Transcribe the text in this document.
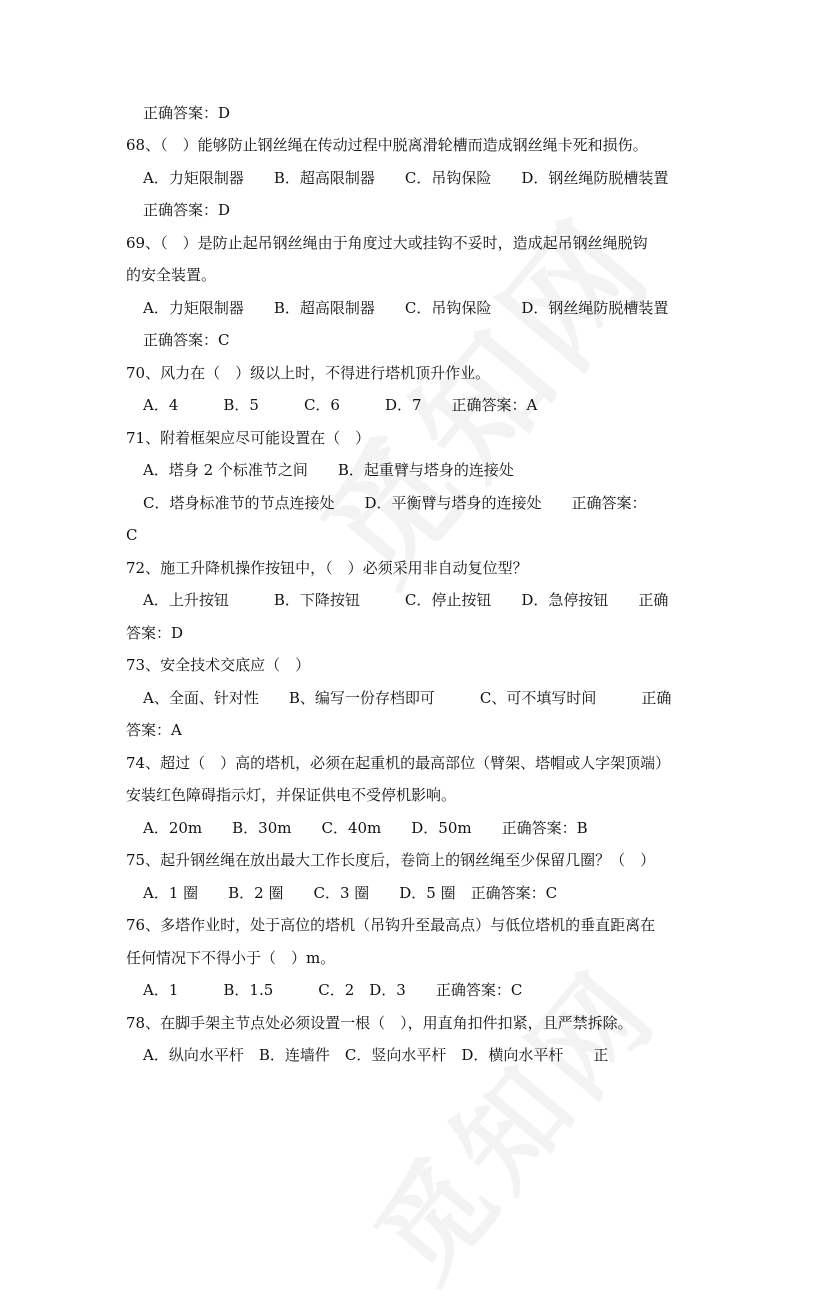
正确答案：D
68、（　）能够防止钢丝绳在传动过程中脱离滑轮槽而造成钢丝绳卡死和损伤。
A．力矩限制器　　B．超高限制器　　C．吊钩保险　　D．钢丝绳防脱槽装置
正确答案：D
69、（　）是防止起吊钢丝绳由于角度过大或挂钩不妥时，造成起吊钢丝绳脱钩
的安全装置。
A．力矩限制器　　B．超高限制器　　C．吊钩保险　　D．钢丝绳防脱槽装置
正确答案：C
70、风力在（　）级以上时，不得进行塔机顶升作业。
A．4　　　B．5　　　C．6　　　D．7　　正确答案：A
71、附着框架应尽可能设置在（　）
A．塔身 2 个标准节之间　　B．起重臂与塔身的连接处
C．塔身标准节的节点连接处　　D．平衡臂与塔身的连接处　　正确答案：
C
72、施工升降机操作按钮中，（　）必须采用非自动复位型？
A．上升按钮　　　B．下降按钮　　　C．停止按钮　　D．急停按钮　　正确
答案：D
73、安全技术交底应（　）
A、全面、针对性　　B、编写一份存档即可　　　C、可不填写时间　　　正确
答案：A
74、超过（　）高的塔机，必须在起重机的最高部位（臂架、塔帽或人字架顶端）
安装红色障碍指示灯，并保证供电不受停机影响。
A．20m　　B．30m　　C．40m　　D．50m　　正确答案：B
75、起升钢丝绳在放出最大工作长度后，卷筒上的钢丝绳至少保留几圈？（　）
A．1 圈　　B．2 圈　　C．3 圈　　D．5 圈　正确答案：C
76、多塔作业时，处于高位的塔机（吊钩升至最高点）与低位塔机的垂直距离在
任何情况下不得小于（　）m。
A．1　　　B．1.5　　　C．2　D．3　　正确答案：C
78、在脚手架主节点处必须设置一根（　），用直角扣件扣紧，且严禁拆除。
A．纵向水平杆　B．连墙件　C．竖向水平杆　D．横向水平杆　　正
